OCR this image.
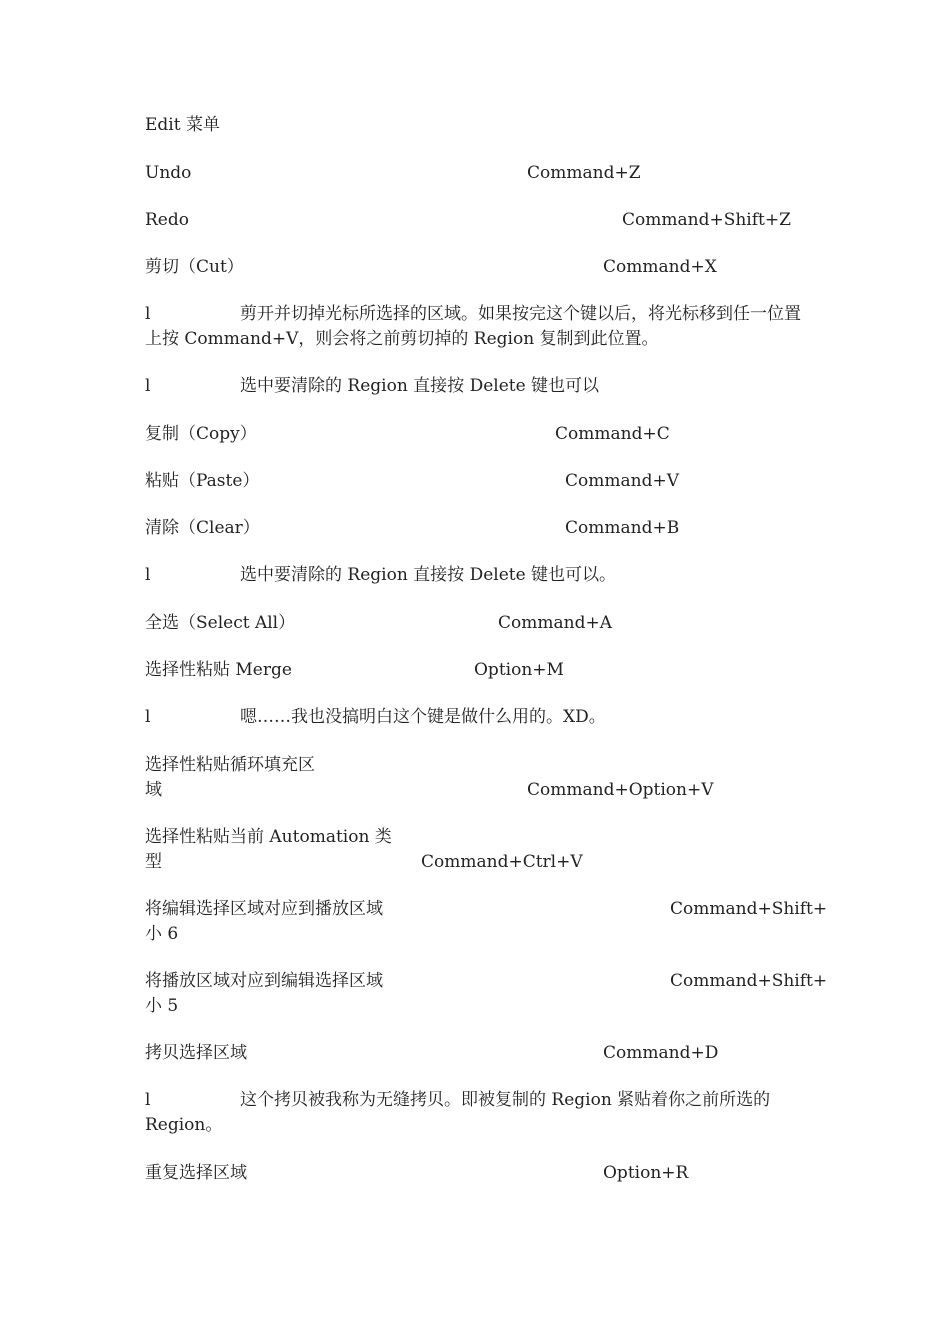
Edit 菜单
Undo	Command+Z
Redo	Command+Shift+Z
剪切（Cut）	Command+X
l	剪开并切掉光标所选择的区域。如果按完这个键以后，将光标移到任一位置上按 Command+V，则会将之前剪切掉的 Region 复制到此位置。
l	选中要清除的 Region 直接按 Delete 键也可以
复制（Copy）	Command+C
粘贴（Paste）	Command+V
清除（Clear）	Command+B
l	选中要清除的 Region 直接按 Delete 键也可以。
全选（Select All）	Command+A
选择性粘贴 Merge	Option+M
l	嗯……我也没搞明白这个键是做什么用的。XD。
选择性粘贴循环填充区
域	Command+Option+V
选择性粘贴当前 Automation 类
型	Command+Ctrl+V
将编辑选择区域对应到播放区域	Command+Shift+
小 6
将播放区域对应到编辑选择区域	Command+Shift+
小 5
拷贝选择区域	Command+D
l	这个拷贝被我称为无缝拷贝。即被复制的 Region 紧贴着你之前所选的 Region。
重复选择区域	Option+R
